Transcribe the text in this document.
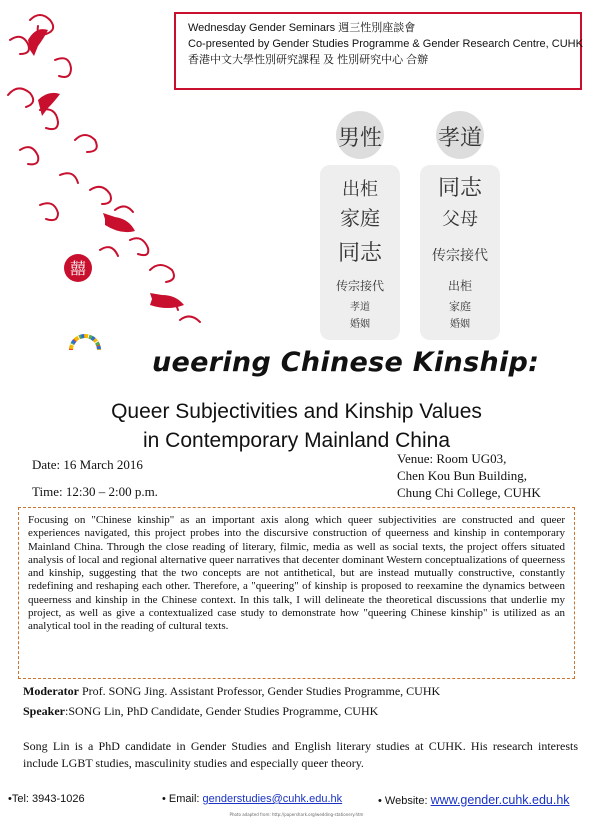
Wednesday Gender Seminars 週三性別座談會
Co-presented by Gender Studies Programme & Gender Research Centre, CUHK
香港中文大學性別研究課程 及 性別研究中心 合辦
囍
男性
出柜
家庭
同志
传宗接代
孝道
婚姻
孝道
同志
父母
传宗接代
出柜
家庭
婚姻
ueering Chinese Kinship:
Queer Subjectivities and Kinship Values
in Contemporary Mainland China
Date: 16 March 2016
Time: 12:30 – 2:00 p.m.
Venue: Room UG03,
Chen Kou Bun Building,
Chung Chi College, CUHK
Focusing on "Chinese kinship" as an important axis along which queer subjectivities are constructed and queer experiences navigated, this project probes into the discursive construction of queerness and kinship in contemporary Mainland China. Through the close reading of literary, filmic, media as well as social texts, the project offers situated analysis of local and regional alternative queer narratives that decenter dominant Western conceptualizations of queerness and kinship, suggesting that the two concepts are not antithetical, but are instead mutually constructive, constantly redefining and reshaping each other. Therefore, a "queering" of kinship is proposed to reexamine the dynamics between queerness and kinship in the Chinese context. In this talk, I will delineate the theoretical discussions that underlie my project, as well as give a contextualized case study to demonstrate how "queering Chinese kinship" is utilized as an analytical tool in the reading of cultural texts.
Moderator Prof. SONG Jing. Assistant Professor, Gender Studies Programme, CUHK
Speaker:SONG Lin, PhD Candidate, Gender Studies Programme, CUHK
Song Lin is a PhD candidate in Gender Studies and English literary studies at CUHK. His research interests include LGBT studies, masculinity studies and especially queer theory.
•Tel: 3943-1026	• Email: genderstudies@cuhk.edu.hk	• Website: www.gender.cuhk.edu.hk
Photo adapted from: http://papershark.org/wedding-stationery.htm
